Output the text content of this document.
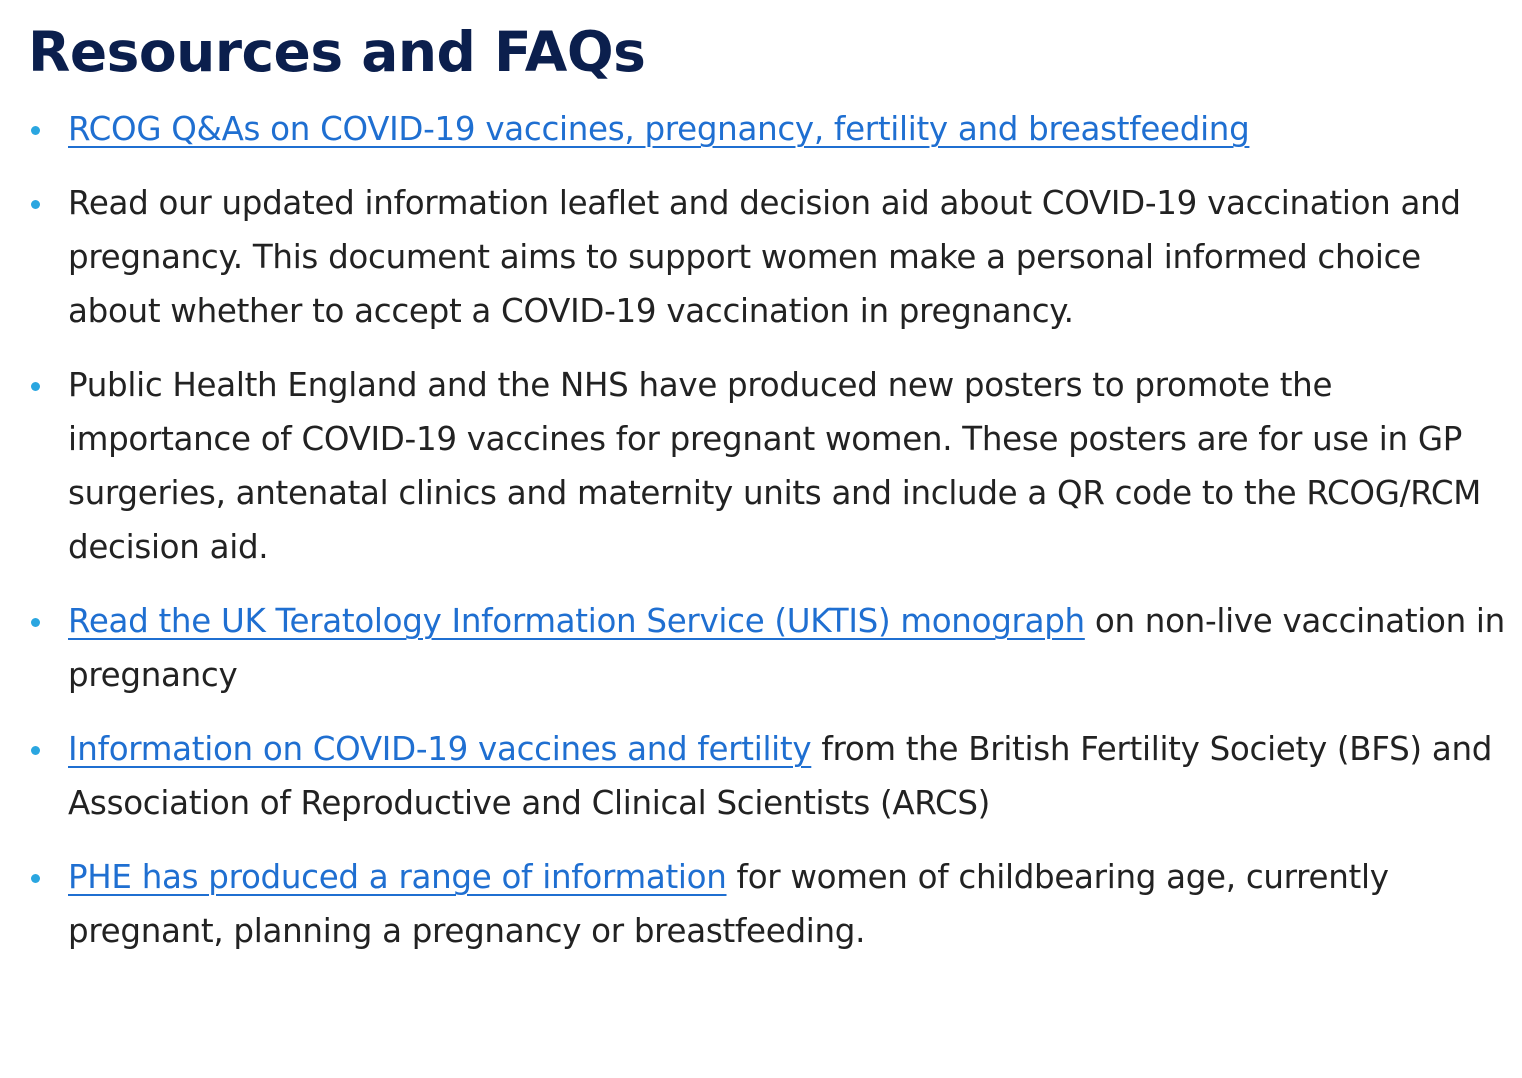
Resources and FAQs
RCOG Q&As on COVID-19 vaccines, pregnancy, fertility and breastfeeding
Read our updated information leaflet and decision aid about COVID-19 vaccination and pregnancy. This document aims to support women make a personal informed choice about whether to accept a COVID-19 vaccination in pregnancy.
Public Health England and the NHS have produced new posters to promote the importance of COVID-19 vaccines for pregnant women. These posters are for use in GP surgeries, antenatal clinics and maternity units and include a QR code to the RCOG/RCM decision aid.
Read the UK Teratology Information Service (UKTIS) monograph on non-live vaccination in pregnancy
Information on COVID-19 vaccines and fertility from the British Fertility Society (BFS) and Association of Reproductive and Clinical Scientists (ARCS)
PHE has produced a range of information for women of childbearing age, currently pregnant, planning a pregnancy or breastfeeding.
